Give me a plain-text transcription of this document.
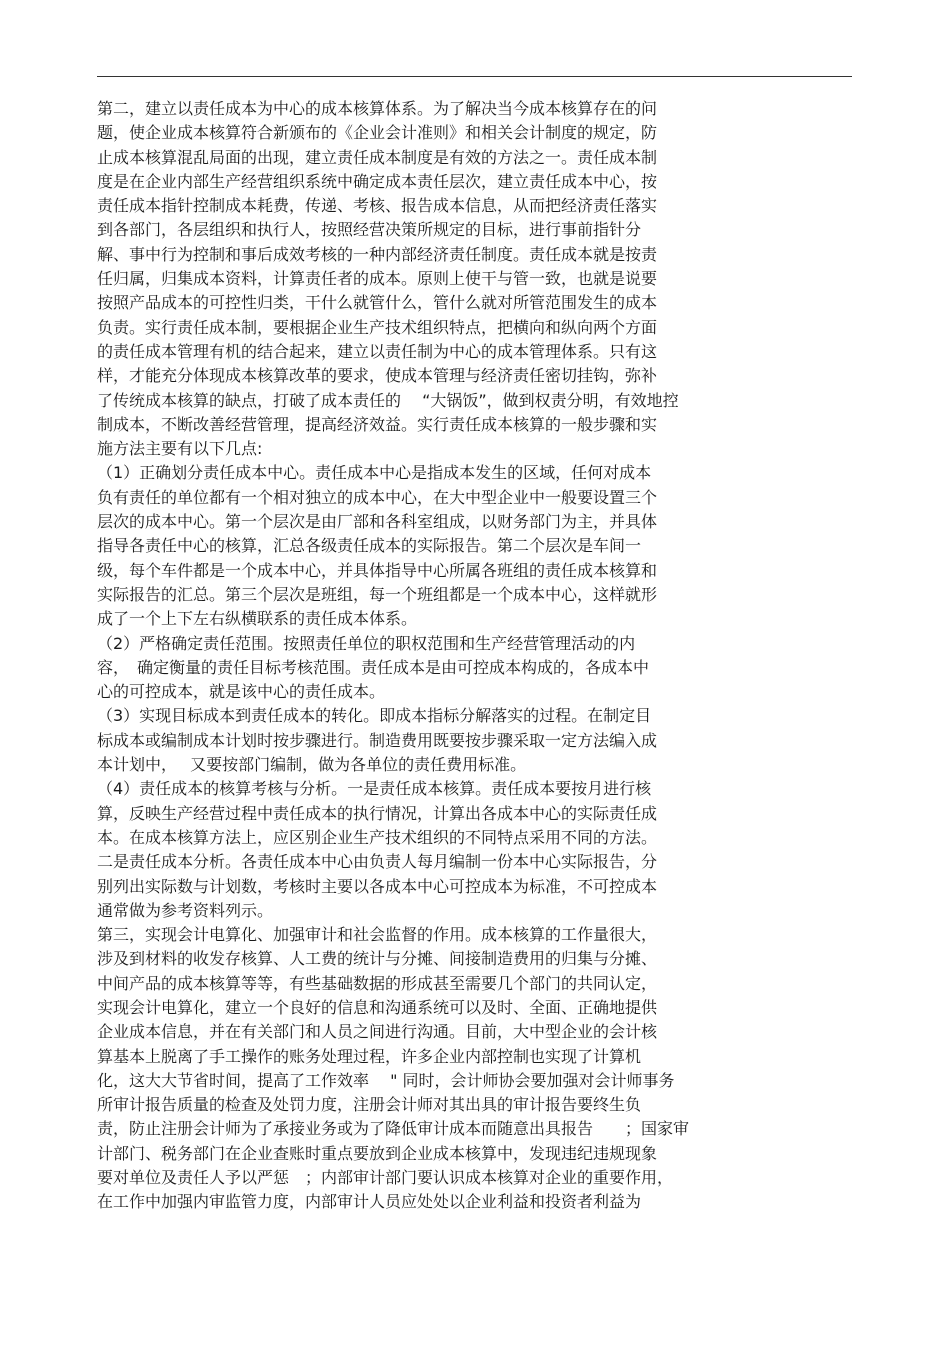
第二，建立以责任成本为中心的成本核算体系。为了解决当今成本核算存在的问
题，使企业成本核算符合新颁布的《企业会计准则》和相关会计制度的规定，防
止成本核算混乱局面的出现，建立责任成本制度是有效的方法之一。责任成本制
度是在企业内部生产经营组织系统中确定成本责任层次，建立责任成本中心，按
责任成本指针控制成本耗费，传递、考核、报告成本信息，从而把经济责任落实
到各部门，各层组织和执行人，按照经营决策所规定的目标，进行事前指针分
解、事中行为控制和事后成效考核的一种内部经济责任制度。责任成本就是按责
任归属，归集成本资料，计算责任者的成本。原则上使干与管一致，也就是说要
按照产品成本的可控性归类，干什么就管什么，管什么就对所管范围发生的成本
负责。实行责任成本制，要根据企业生产技术组织特点，把横向和纵向两个方面
的责任成本管理有机的结合起来，建立以责任制为中心的成本管理体系。只有这
样，才能充分体现成本核算改革的要求，使成本管理与经济责任密切挂钩，弥补
了传统成本核算的缺点，打破了成本责任的　 “大锅饭”，做到权责分明，有效地控
制成本，不断改善经营管理，提高经济效益。实行责任成本核算的一般步骤和实
施方法主要有以下几点:
（1）正确划分责任成本中心。责任成本中心是指成本发生的区域，任何对成本
负有责任的单位都有一个相对独立的成本中心，在大中型企业中一般要设置三个
层次的成本中心。第一个层次是由厂部和各科室组成，以财务部门为主，并具体
指导各责任中心的核算，汇总各级责任成本的实际报告。第二个层次是车间一
级，每个车件都是一个成本中心，并具体指导中心所属各班组的责任成本核算和
实际报告的汇总。第三个层次是班组，每一个班组都是一个成本中心，这样就形
成了一个上下左右纵横联系的责任成本体系。
（2）严格确定责任范围。按照责任单位的职权范围和生产经营管理活动的内
容，　确定衡量的责任目标考核范围。责任成本是由可控成本构成的，各成本中
心的可控成本，就是该中心的责任成本。
（3）实现目标成本到责任成本的转化。即成本指标分解落实的过程。在制定目
标成本或编制成本计划时按步骤进行。制造费用既要按步骤采取一定方法编入成
本计划中，　 又要按部门编制，做为各单位的责任费用标准。
（4）责任成本的核算考核与分析。一是责任成本核算。责任成本要按月进行核
算，反映生产经营过程中责任成本的执行情况，计算出各成本中心的实际责任成
本。在成本核算方法上，应区别企业生产技术组织的不同特点采用不同的方法。
二是责任成本分析。各责任成本中心由负责人每月编制一份本中心实际报告，分
别列出实际数与计划数，考核时主要以各成本中心可控成本为标准，不可控成本
通常做为参考资料列示。
第三，实现会计电算化、加强审计和社会监督的作用。成本核算的工作量很大，
涉及到材料的收发存核算、人工费的统计与分摊、间接制造费用的归集与分摊、
中间产品的成本核算等等，有些基础数据的形成甚至需要几个部门的共同认定，
实现会计电算化，建立一个良好的信息和沟通系统可以及时、全面、正确地提供
企业成本信息，并在有关部门和人员之间进行沟通。目前，大中型企业的会计核
算基本上脱离了手工操作的账务处理过程，许多企业内部控制也实现了计算机
化，这大大节省时间，提高了工作效率　 " 同时，会计师协会要加强对会计师事务
所审计报告质量的检查及处罚力度，注册会计师对其出具的审计报告要终生负
责，防止注册会计师为了承接业务或为了降低审计成本而随意出具报告　　；国家审
计部门、税务部门在企业查账时重点要放到企业成本核算中，发现违纪违规现象
要对单位及责任人予以严惩　；内部审计部门要认识成本核算对企业的重要作用，
在工作中加强内审监管力度，内部审计人员应处处以企业利益和投资者利益为
